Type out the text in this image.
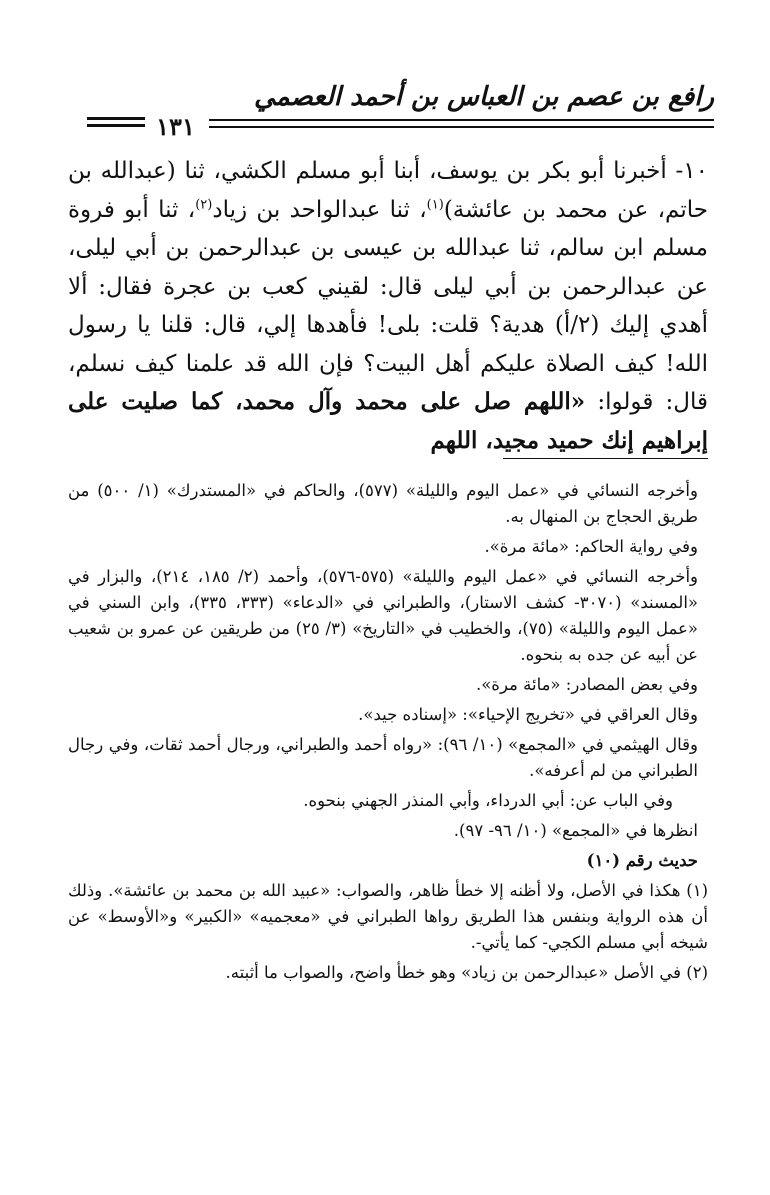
رافع بن عصم بن العباس بن أحمد العصمي
١٣١

١٠- أخبرنا أبو بكر بن يوسف، أبنا أبو مسلم الكشي، ثنا (عبدالله بن حاتم، عن محمد بن عائشة)$^{(١)}$، ثنا عبدالواحد بن زياد$^{(٢)}$، ثنا أبو فروة مسلم ابن سالم، ثنا عبدالله بن عيسى بن عبدالرحمن بن أبي ليلى، عن عبدالرحمن بن أبي ليلى قال: لقيني كعب بن عجرة فقال: ألا أهدي إليك (٢/أ) هدية؟ قلت: بلى! فأهدها إلي، قال: قلنا يا رسول الله! كيف الصلاة عليكم أهل البيت؟ فإن الله قد علمنا كيف نسلم، قال: قولوا: «اللهم صل على محمد وآل محمد، كما صليت على إبراهيم إنك حميد مجيد، اللهم

وأخرجه النسائي في «عمل اليوم والليلة» (٥٧٧)، والحاكم في «المستدرك» (١/ ٥٠٠) من طريق الحجاج بن المنهال به.

وفي رواية الحاكم: «مائة مرة».

وأخرجه النسائي في «عمل اليوم والليلة» (٥٧٥-٥٧٦)، وأحمد (٢/ ١٨٥، ٢١٤)، والبزار في «المسند» (٣٠٧٠- كشف الاستار)، والطبراني في «الدعاء» (٣٣٣، ٣٣٥)، وابن السني في «عمل اليوم والليلة» (٧٥)، والخطيب في «التاريخ» (٣/ ٢٥) من طريقين عن عمرو بن شعيب عن أبيه عن جده به بنحوه.

وفي بعض المصادر: «مائة مرة».

وقال العراقي في «تخريج الإحياء»: «إسناده جيد».

وقال الهيثمي في «المجمع» (١٠/ ٩٦): «رواه أحمد والطبراني، ورجال أحمد ثقات، وفي رجال الطبراني من لم أعرفه».

وفي الباب عن: أبي الدرداء، وأبي المنذر الجهني بنحوه.

انظرها في «المجمع» (١٠/ ٩٦- ٩٧).

حديث رقم (١٠)

(١) هكذا في الأصل، ولا أظنه إلا خطأ ظاهر، والصواب: «عبيد الله بن محمد بن عائشة». وذلك أن هذه الرواية وبنفس هذا الطريق رواها الطبراني في «معجميه» «الكبير» و«الأوسط» عن شيخه أبي مسلم الكجي- كما يأتي-.

(٢) في الأصل «عبدالرحمن بن زياد» وهو خطأ واضح، والصواب ما أثبته.
